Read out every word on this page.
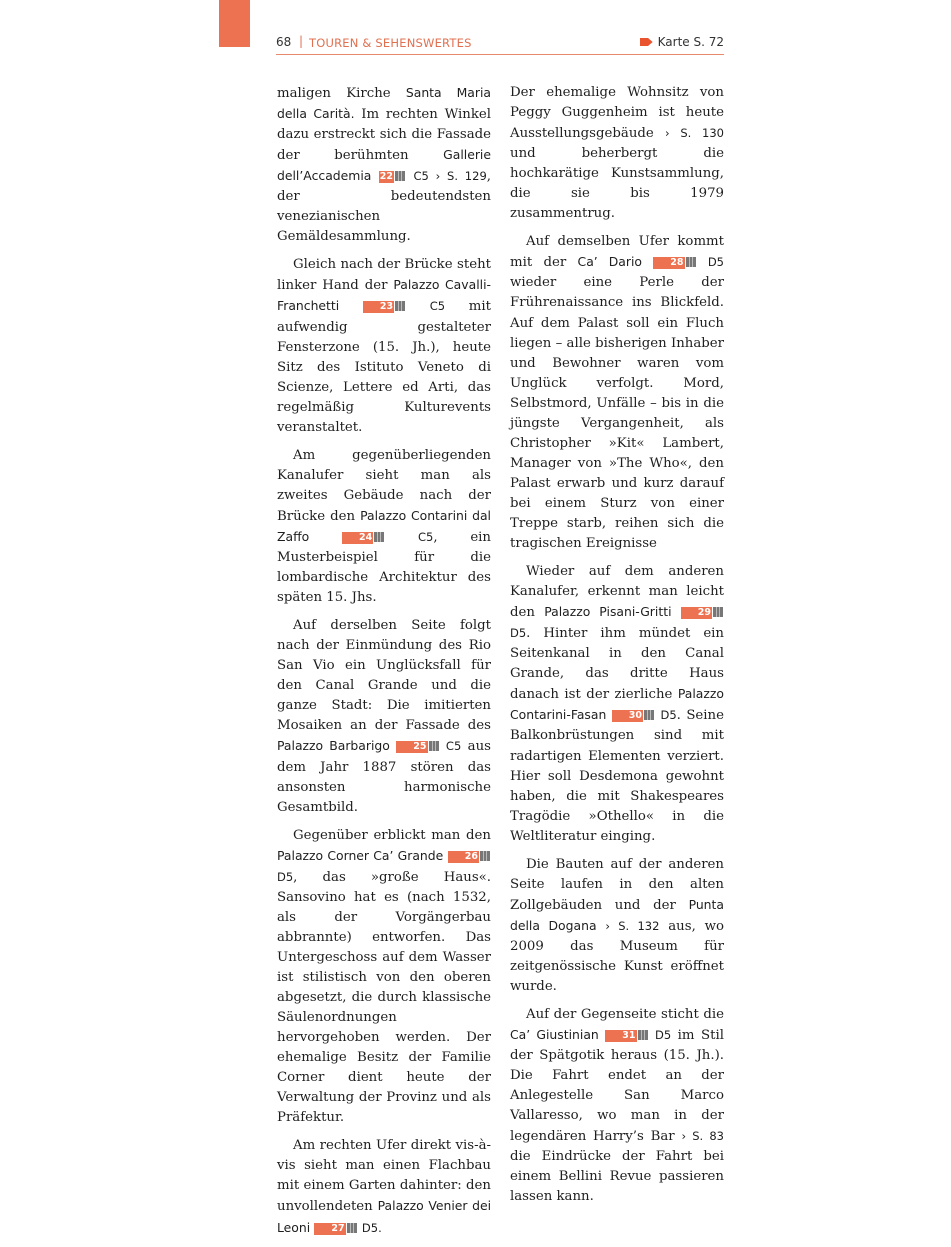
68 | TOUREN & SEHENSWERTES	Karte S. 72

maligen Kirche Santa Maria della Carità. Im rechten Winkel dazu erstreckt sich die Fassade der berühmten Gallerie dell’Accademia 22 C5 › S. 129, der bedeutendsten venezianischen Gemäldesammlung.

Gleich nach der Brücke steht linker Hand der Palazzo Cavalli-Franchetti	23	C5 mit aufwendig gestalteter Fensterzone (15. Jh.), heute Sitz des Istituto Veneto di Scienze, Lettere ed Arti, das regelmäßig Kulturevents veranstaltet.

Am gegenüberliegenden Kanalufer sieht man als zweites Gebäude nach der Brücke den Palazzo Contarini dal Zaffo	24	C5, ein Musterbeispiel für die lombardische Architektur des späten 15. Jhs.

Auf derselben Seite folgt nach der Einmündung des Rio San Vio ein Unglücksfall für den Canal Grande und die ganze Stadt: Die imitierten Mosaiken an der Fassade des Palazzo Barbarigo 25 C5 aus dem Jahr 1887 stören das ansonsten harmonische Gesamtbild.

Gegenüber erblickt man den Palazzo Corner Ca’ Grande 26 D5, das »große Haus«. Sansovino hat es (nach 1532, als der Vorgängerbau abbrannte) entworfen. Das Untergeschoss auf dem Wasser ist stilistisch von den oberen abgesetzt, die durch klassische Säulenordnungen hervorgehoben werden. Der ehemalige Besitz der Familie Corner dient heute der Verwaltung der Provinz und als Präfektur.

Am rechten Ufer direkt vis-à-vis sieht man einen Flachbau mit einem Garten dahinter: den unvollendeten Palazzo Venier dei Leoni 27 D5.

Der ehemalige Wohnsitz von Peggy Guggenheim ist heute Ausstellungsgebäude › S. 130 und beherbergt die hochkarätige Kunstsammlung, die sie bis 1979 zusammentrug.

Auf demselben Ufer kommt mit der Ca’ Dario	28 D5 wieder eine Perle der Frührenaissance ins Blickfeld. Auf dem Palast soll ein Fluch liegen – alle bisherigen Inhaber und Bewohner waren vom Unglück verfolgt. Mord, Selbstmord, Unfälle – bis in die jüngste Vergangenheit, als Christopher »Kit« Lambert, Manager von »The Who«, den Palast erwarb und kurz darauf bei einem Sturz von einer Treppe starb, reihen sich die tragischen Ereignisse

Wieder auf dem anderen Kanalufer, erkennt man leicht den Palazzo Pisani-Gritti	29 D5. Hinter ihm mündet ein Seitenkanal in den Canal Grande, das dritte Haus danach ist der zierliche Palazzo Contarini-Fasan 30 D5. Seine Balkonbrüstungen sind mit radartigen Elementen verziert. Hier soll Desdemona gewohnt haben, die mit Shakespeares Tragödie »Othello« in die Weltliteratur einging.

Die Bauten auf der anderen Seite laufen in den alten Zollgebäuden und der Punta della Dogana › S. 132 aus, wo 2009 das Museum für zeitgenössische Kunst eröffnet wurde.

Auf der Gegenseite sticht die Ca’ Giustinian 31 D5 im Stil der Spätgotik heraus (15. Jh.). Die Fahrt endet an der Anlegestelle San Marco Vallaresso, wo man in der legendären Harry’s Bar › S. 83 die Eindrücke der Fahrt bei einem Bellini Revue passieren lassen kann.
